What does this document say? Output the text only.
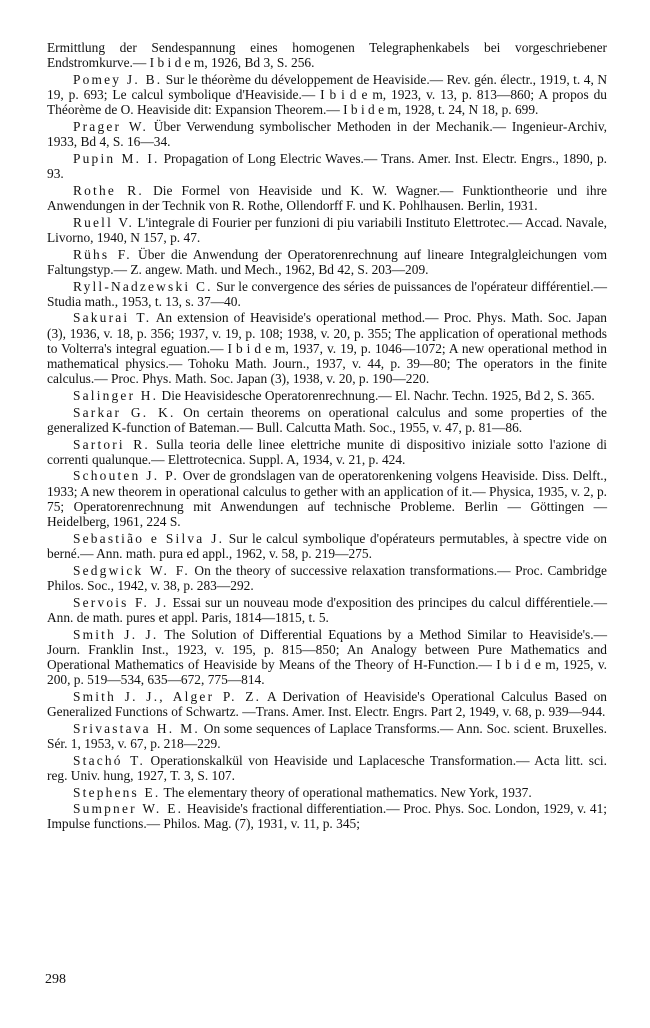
Ermittlung der Sendespannung eines homogenen Telegraphenkabels bei vorgeschriebener Endstromkurve.— I b i d e m, 1926, Bd 3, S. 256.

Pomey J. B. Sur le théorème du développement de Heaviside.— Rev. gén. électr., 1919, t. 4, N 19, p. 693; Le calcul symbolique d'Heaviside.— I b i d e m, 1923, v. 13, p. 813—860; A propos du Théorème de O. Heaviside dit: Expansion Theorem.— I b i d e m, 1928, t. 24, N 18, p. 699.

Prager W. Über Verwendung symbolischer Methoden in der Mechanik.— Ingenieur-Archiv, 1933, Bd 4, S. 16—34.

Pupin M. I. Propagation of Long Electric Waves.— Trans. Amer. Inst. Electr. Engrs., 1890, p. 93.

Rothe R. Die Formel von Heaviside und K. W. Wagner.— Funktiontheorie und ihre Anwendungen in der Technik von R. Rothe, Ollendorff F. und K. Pohlhausen. Berlin, 1931.

Ruell V. L'integrale di Fourier per funzioni di piu variabili Instituto Elettrotec.— Accad. Navale, Livorno, 1940, N 157, p. 47.

Rühs F. Über die Anwendung der Operatorenrechnung auf lineare Integralgleichungen vom Faltungstyp.— Z. angew. Math. und Mech., 1962, Bd 42, S. 203—209.

Ryll-Nadzewski C. Sur le convergence des séries de puissances de l'opérateur différentiel.— Studia math., 1953, t. 13, s. 37—40.

Sakurai T. An extension of Heaviside's operational method.— Proc. Phys. Math. Soc. Japan (3), 1936, v. 18, p. 356; 1937, v. 19, p. 108; 1938, v. 20, p. 355; The application of operational methods to Volterra's integral eguation.— I b i d e m, 1937, v. 19, p. 1046—1072; A new operational method in mathematical physics.— Tohoku Math. Journ., 1937, v. 44, p. 39—80; The operators in the finite calculus.— Proc. Phys. Math. Soc. Japan (3), 1938, v. 20, p. 190—220.

Salinger H. Die Heavisidesche Operatorenrechnung.— El. Nachr. Techn. 1925, Bd 2, S. 365.

Sarkar G. K. On certain theorems on operational calculus and some properties of the generalized K-function of Bateman.— Bull. Calcutta Math. Soc., 1955, v. 47, p. 81—86.

Sartori R. Sulla teoria delle linee elettriche munite di dispositivo iniziale sotto l'azione di correnti qualunque.— Elettrotecnica. Suppl. A, 1934, v. 21, p. 424.

Schouten J. P. Over de grondslagen van de operatorenkening volgens Heaviside. Diss. Delft., 1933; A new theorem in operational calculus to gether with an application of it.— Physica, 1935, v. 2, p. 75; Operatorenrechnung mit Anwendungen auf technische Probleme. Berlin — Göttingen — Heidelberg, 1961, 224 S.

Sebastião e Silva J. Sur le calcul symbolique d'opérateurs permutables, à spectre vide on berné.— Ann. math. pura ed appl., 1962, v. 58, p. 219—275.

Sedgwick W. F. On the theory of successive relaxation transformations.— Proc. Cambridge Philos. Soc., 1942, v. 38, p. 283—292.

Servois F. J. Essai sur un nouveau mode d'exposition des principes du calcul différentiele.— Ann. de math. pures et appl. Paris, 1814—1815, t. 5.

Smith J. J. The Solution of Differential Equations by a Method Similar to Heaviside's.— Journ. Franklin Inst., 1923, v. 195, p. 815—850; An Analogy between Pure Mathematics and Operational Mathematics of Heaviside by Means of the Theory of H-Function.— I b i d e m, 1925, v. 200, p. 519—534, 635—672, 775—814.

Smith J. J., Alger P. Z. A Derivation of Heaviside's Operational Calculus Based on Generalized Functions of Schwartz. —Trans. Amer. Inst. Electr. Engrs. Part 2, 1949, v. 68, p. 939—944.

Srivastava H. M. On some sequences of Laplace Transforms.— Ann. Soc. scient. Bruxelles. Sér. 1, 1953, v. 67, p. 218—229.

Stachó T. Operationskalkül von Heaviside und Laplacesche Transformation.— Acta litt. sci. reg. Univ. hung, 1927, T. 3, S. 107.

Stephens E. The elementary theory of operational mathematics. New York, 1937.

Sumpner W. E. Heaviside's fractional differentiation.— Proc. Phys. Soc. London, 1929, v. 41; Impulse functions.— Philos. Mag. (7), 1931, v. 11, p. 345;

298
